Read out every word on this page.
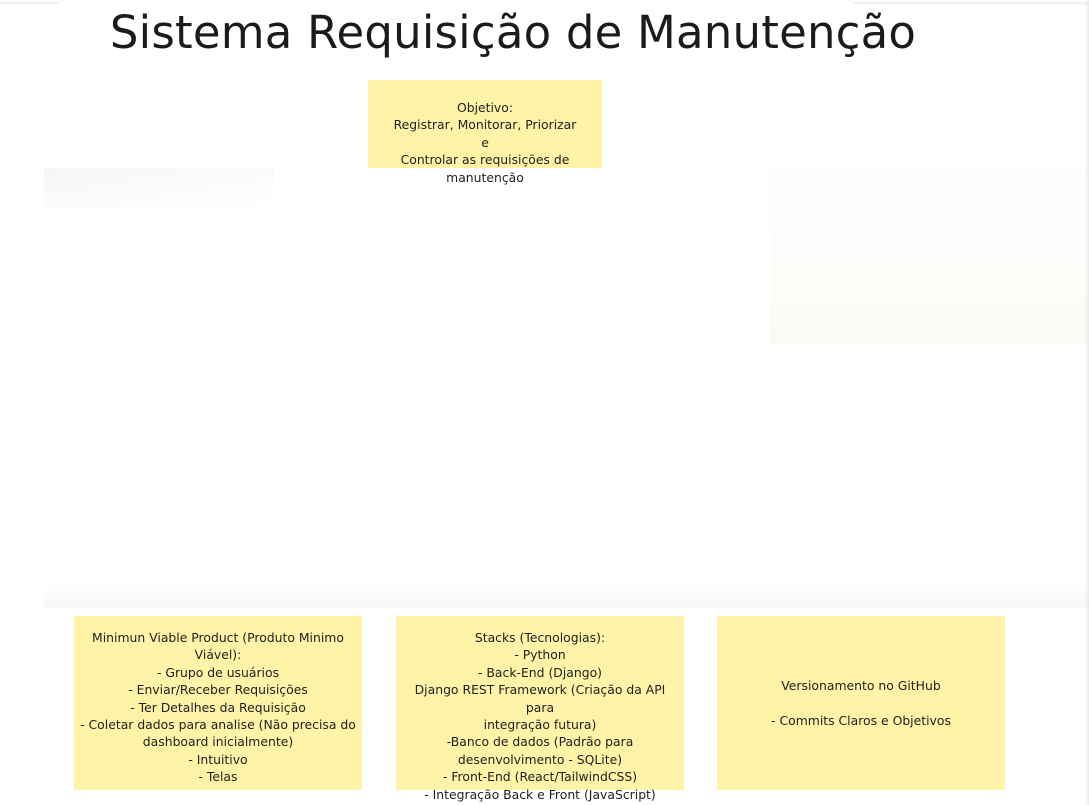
Sistema Requisição de Manutenção
Objetivo:
Registrar, Monitorar, Priorizar e
Controlar as requisições de
manutenção
Minimun Viable Product (Produto Minimo
Viável):
- Grupo de usuários
- Enviar/Receber Requisições
- Ter Detalhes da Requisição
- Coletar dados para analise (Não precisa do
dashboard inicialmente)
- Intuitivo
- Telas
Stacks (Tecnologias):
- Python
- Back-End (Django)
Django REST Framework (Criação da API para
integração futura)
-Banco de dados (Padrão para
desenvolvimento - SQLite)
- Front-End (React/TailwindCSS)
- Integração Back e Front (JavaScript)
Versionamento no GitHub
- Commits Claros e Objetivos
